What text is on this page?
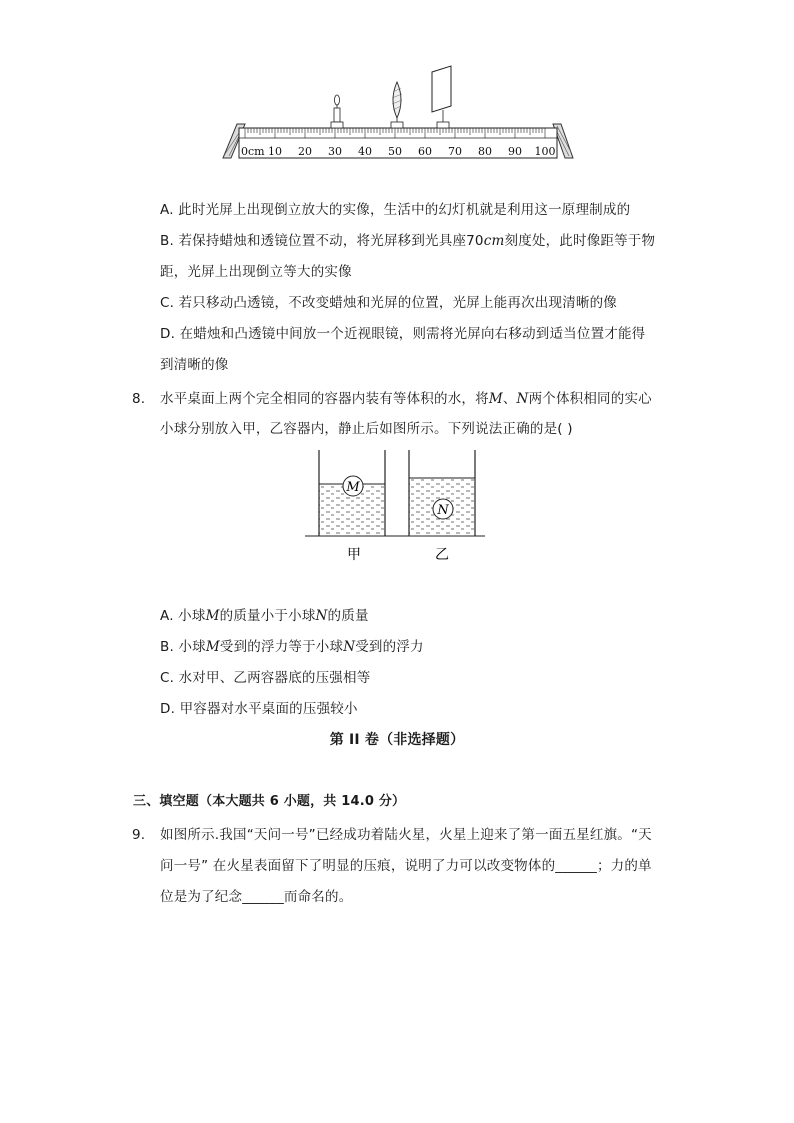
0cm 10 20 30 40 50 60 70 80 90 100
A. 此时光屏上出现倒立放大的实像，生活中的幻灯机就是利用这一原理制成的
B. 若保持蜡烛和透镜位置不动，将光屏移到光具座70cm刻度处，此时像距等于物
距，光屏上出现倒立等大的实像
C. 若只移动凸透镜，不改变蜡烛和光屏的位置，光屏上能再次出现清晰的像
D. 在蜡烛和凸透镜中间放一个近视眼镜，则需将光屏向右移动到适当位置才能得
到清晰的像
8. 水平桌面上两个完全相同的容器内装有等体积的水，将M、N两个体积相同的实心
小球分别放入甲，乙容器内，静止后如图所示。下列说法正确的是( )
M
N
甲	乙
A. 小球M的质量小于小球N的质量
B. 小球M受到的浮力等于小球N受到的浮力
C. 水对甲、乙两容器底的压强相等
D. 甲容器对水平桌面的压强较小
第 II 卷（非选择题）
三、填空题（本大题共 6 小题，共 14.0 分）
9. 如图所示.我国“天问一号”已经成功着陆火星，火星上迎来了第一面五星红旗。“天
问一号” 在火星表面留下了明显的压痕，说明了力可以改变物体的______；力的单
位是为了纪念______而命名的。
